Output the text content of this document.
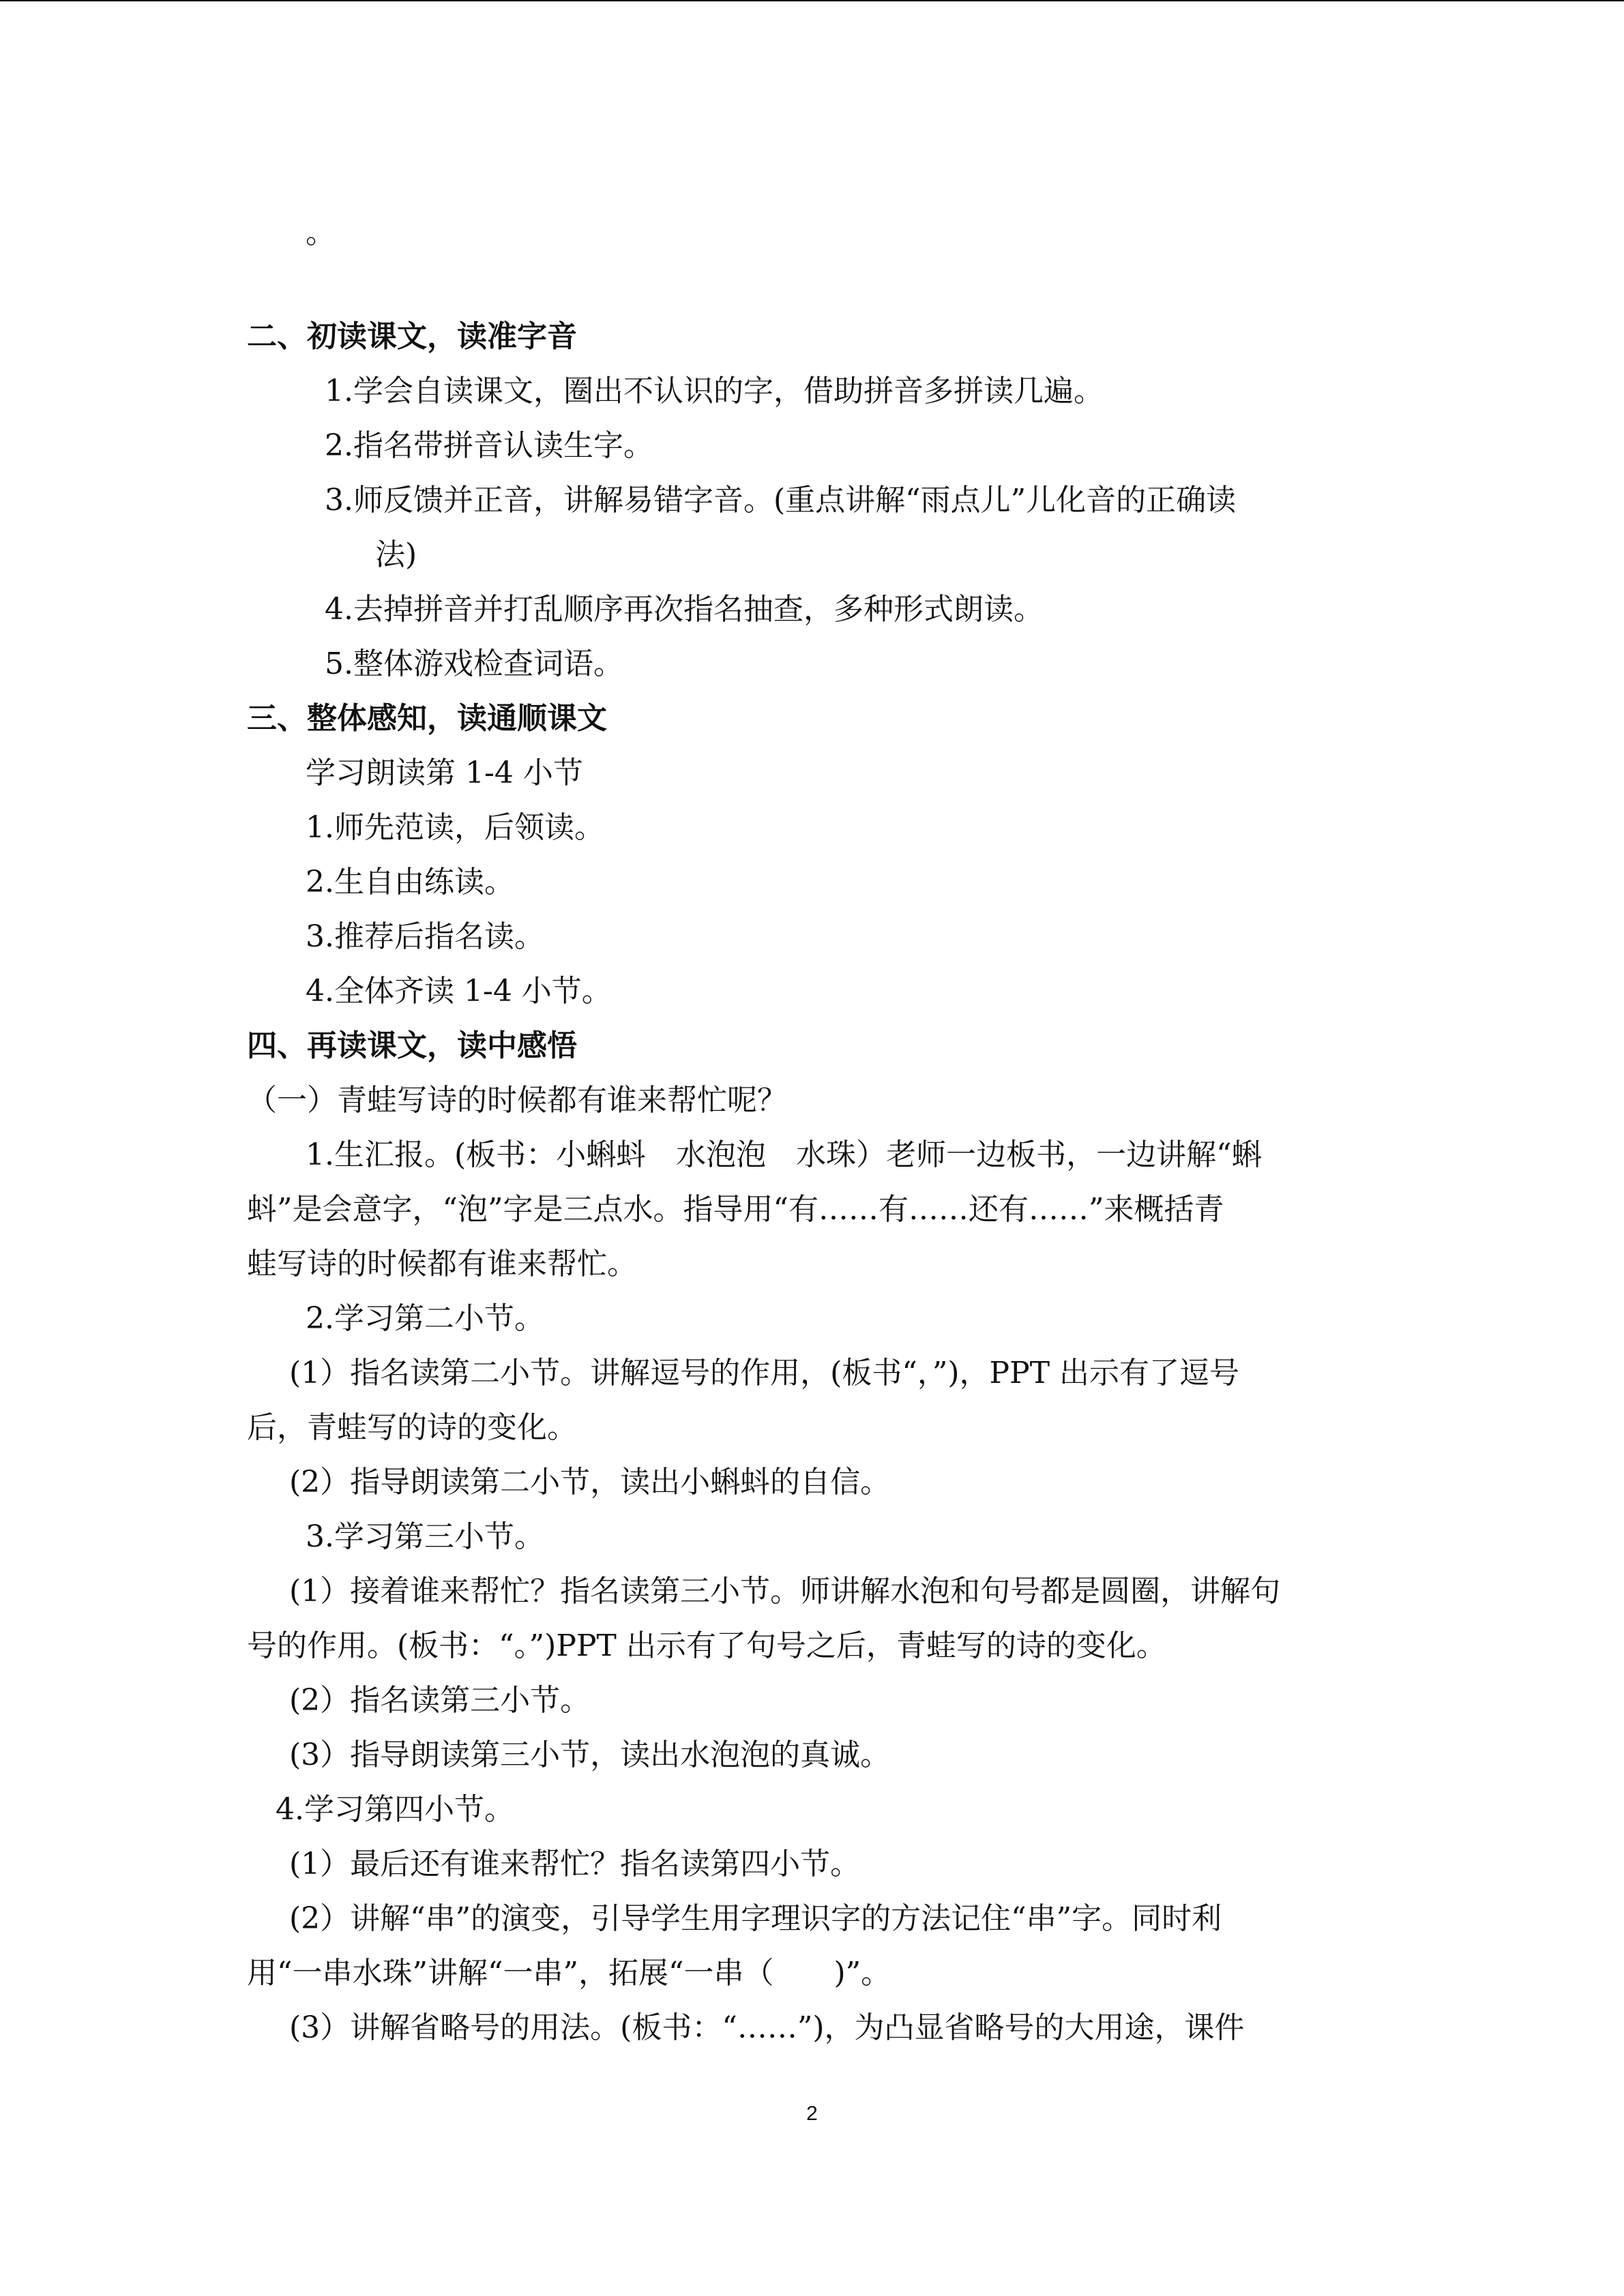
。
二、初读课文，读准字音
1.学会自读课文，圈出不认识的字，借助拼音多拼读几遍。
2.指名带拼音认读生字。
3.师反馈并正音，讲解易错字音。(重点讲解“雨点儿”儿化音的正确读
法)
4.去掉拼音并打乱顺序再次指名抽查，多种形式朗读。
5.整体游戏检查词语。
三、整体感知，读通顺课文
学习朗读第 1-4 小节
1.师先范读，后领读。
2.生自由练读。
3.推荐后指名读。
4.全体齐读 1-4 小节。
四、再读课文，读中感悟
（一）青蛙写诗的时候都有谁来帮忙呢？
1.生汇报。(板书：小蝌蚪　水泡泡　水珠）老师一边板书，一边讲解“蝌
蚪”是会意字，“泡”字是三点水。指导用“有……有……还有……”来概括青
蛙写诗的时候都有谁来帮忙。
2.学习第二小节。
(1）指名读第二小节。讲解逗号的作用，(板书“，”)，PPT 出示有了逗号
后，青蛙写的诗的变化。
(2）指导朗读第二小节，读出小蝌蚪的自信。
3.学习第三小节。
(1）接着谁来帮忙？指名读第三小节。师讲解水泡和句号都是圆圈，讲解句
号的作用。(板书：“。”)PPT 出示有了句号之后，青蛙写的诗的变化。
(2）指名读第三小节。
(3）指导朗读第三小节，读出水泡泡的真诚。
4.学习第四小节。
(1）最后还有谁来帮忙？指名读第四小节。
(2）讲解“串”的演变，引导学生用字理识字的方法记住“串”字。同时利
用“一串水珠”讲解“一串”，拓展“一串（　　)”。
(3）讲解省略号的用法。(板书：“……”)，为凸显省略号的大用途，课件
2
